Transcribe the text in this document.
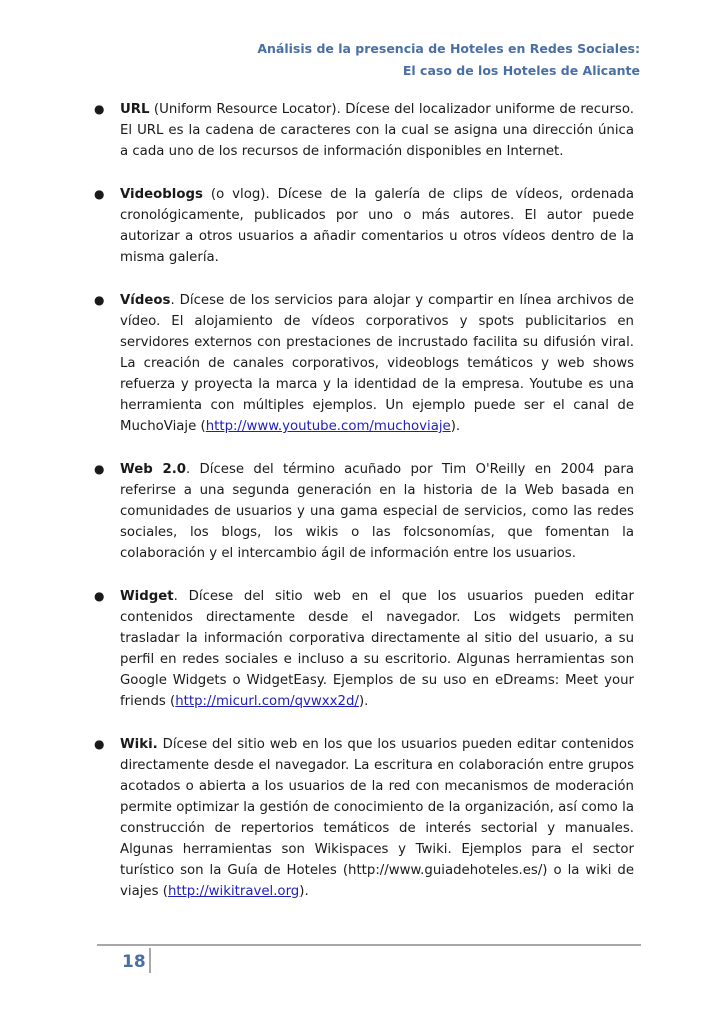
Análisis de la presencia de Hoteles en Redes Sociales:
El caso de los Hoteles de Alicante
● URL (Uniform Resource Locator). Dícese del localizador uniforme de recurso. El URL es la cadena de caracteres con la cual se asigna una dirección única a cada uno de los recursos de información disponibles en Internet.
● Videoblogs (o vlog). Dícese de la galería de clips de vídeos, ordenada cronológicamente, publicados por uno o más autores. El autor puede autorizar a otros usuarios a añadir comentarios u otros vídeos dentro de la misma galería.
● Vídeos. Dícese de los servicios para alojar y compartir en línea archivos de vídeo. El alojamiento de vídeos corporativos y spots publicitarios en servidores externos con prestaciones de incrustado facilita su difusión viral. La creación de canales corporativos, videoblogs temáticos y web shows refuerza y proyecta la marca y la identidad de la empresa. Youtube es una herramienta con múltiples ejemplos. Un ejemplo puede ser el canal de MuchoViaje (http://www.youtube.com/muchoviaje).
● Web 2.0. Dícese del término acuñado por Tim O'Reilly en 2004 para referirse a una segunda generación en la historia de la Web basada en comunidades de usuarios y una gama especial de servicios, como las redes sociales, los blogs, los wikis o las folcsonomías, que fomentan la colaboración y el intercambio ágil de información entre los usuarios.
● Widget. Dícese del sitio web en el que los usuarios pueden editar contenidos directamente desde el navegador. Los widgets permiten trasladar la información corporativa directamente al sitio del usuario, a su perfil en redes sociales e incluso a su escritorio. Algunas herramientas son Google Widgets o WidgetEasy. Ejemplos de su uso en eDreams: Meet your friends (http://micurl.com/qvwxx2d/).
● Wiki. Dícese del sitio web en los que los usuarios pueden editar contenidos directamente desde el navegador. La escritura en colaboración entre grupos acotados o abierta a los usuarios de la red con mecanismos de moderación permite optimizar la gestión de conocimiento de la organización, así como la construcción de repertorios temáticos de interés sectorial y manuales. Algunas herramientas son Wikispaces y Twiki. Ejemplos para el sector turístico son la Guía de Hoteles (http://www.guiadehoteles.es/) o la wiki de viajes (http://wikitravel.org).
18
